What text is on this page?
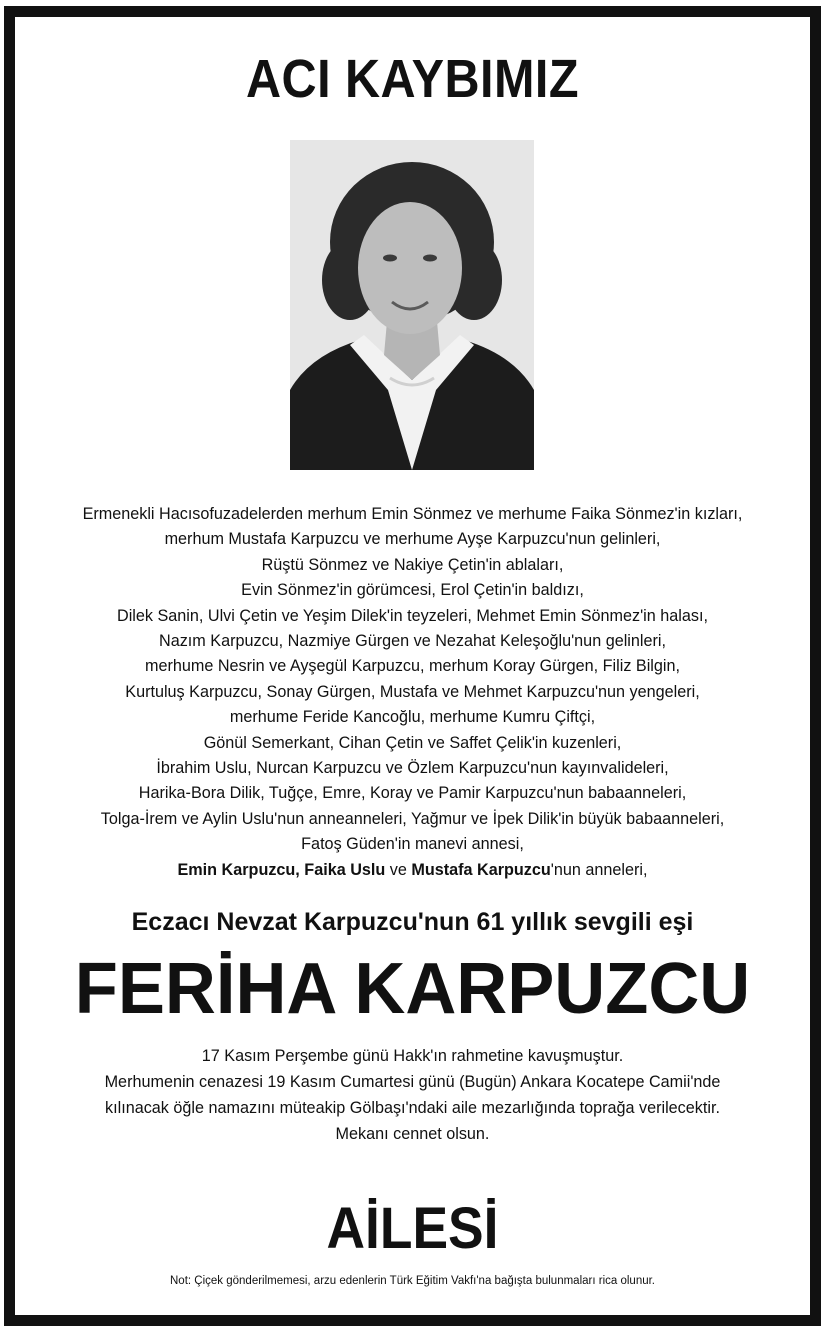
ACI KAYBIMIZ
Ermenekli Hacısofuzadelerden merhum Emin Sönmez ve merhume Faika Sönmez'in kızları,
merhum Mustafa Karpuzcu ve merhume Ayşe Karpuzcu'nun gelinleri,
Rüştü Sönmez ve Nakiye Çetin'in ablaları,
Evin Sönmez'in görümcesi, Erol Çetin'in baldızı,
Dilek Sanin, Ulvi Çetin ve Yeşim Dilek'in teyzeleri, Mehmet Emin Sönmez'in halası,
Nazım Karpuzcu, Nazmiye Gürgen ve Nezahat Keleşoğlu'nun gelinleri,
merhume Nesrin ve Ayşegül Karpuzcu, merhum Koray Gürgen, Filiz Bilgin,
Kurtuluş Karpuzcu, Sonay Gürgen, Mustafa ve Mehmet Karpuzcu'nun yengeleri,
merhume Feride Kancoğlu, merhume Kumru Çiftçi,
Gönül Semerkant, Cihan Çetin ve Saffet Çelik'in kuzenleri,
İbrahim Uslu, Nurcan Karpuzcu ve Özlem Karpuzcu'nun kayınvalideleri,
Harika-Bora Dilik, Tuğçe, Emre, Koray ve Pamir Karpuzcu'nun babaanneleri,
Tolga-İrem ve Aylin Uslu'nun anneanneleri, Yağmur ve İpek Dilik'in büyük babaanneleri,
Fatoş Güden'in manevi annesi,
Emin Karpuzcu, Faika Uslu ve Mustafa Karpuzcu'nun anneleri,
Eczacı Nevzat Karpuzcu'nun 61 yıllık sevgili eşi
FERİHA KARPUZCU
17 Kasım Perşembe günü Hakk'ın rahmetine kavuşmuştur.
Merhumenin cenazesi 19 Kasım Cumartesi günü (Bugün) Ankara Kocatepe Camii'nde
kılınacak öğle namazını müteakip Gölbaşı'ndaki aile mezarlığında toprağa verilecektir.
Mekanı cennet olsun.
AİLESİ
Not: Çiçek gönderilmemesi, arzu edenlerin Türk Eğitim Vakfı'na bağışta bulunmaları rica olunur.
